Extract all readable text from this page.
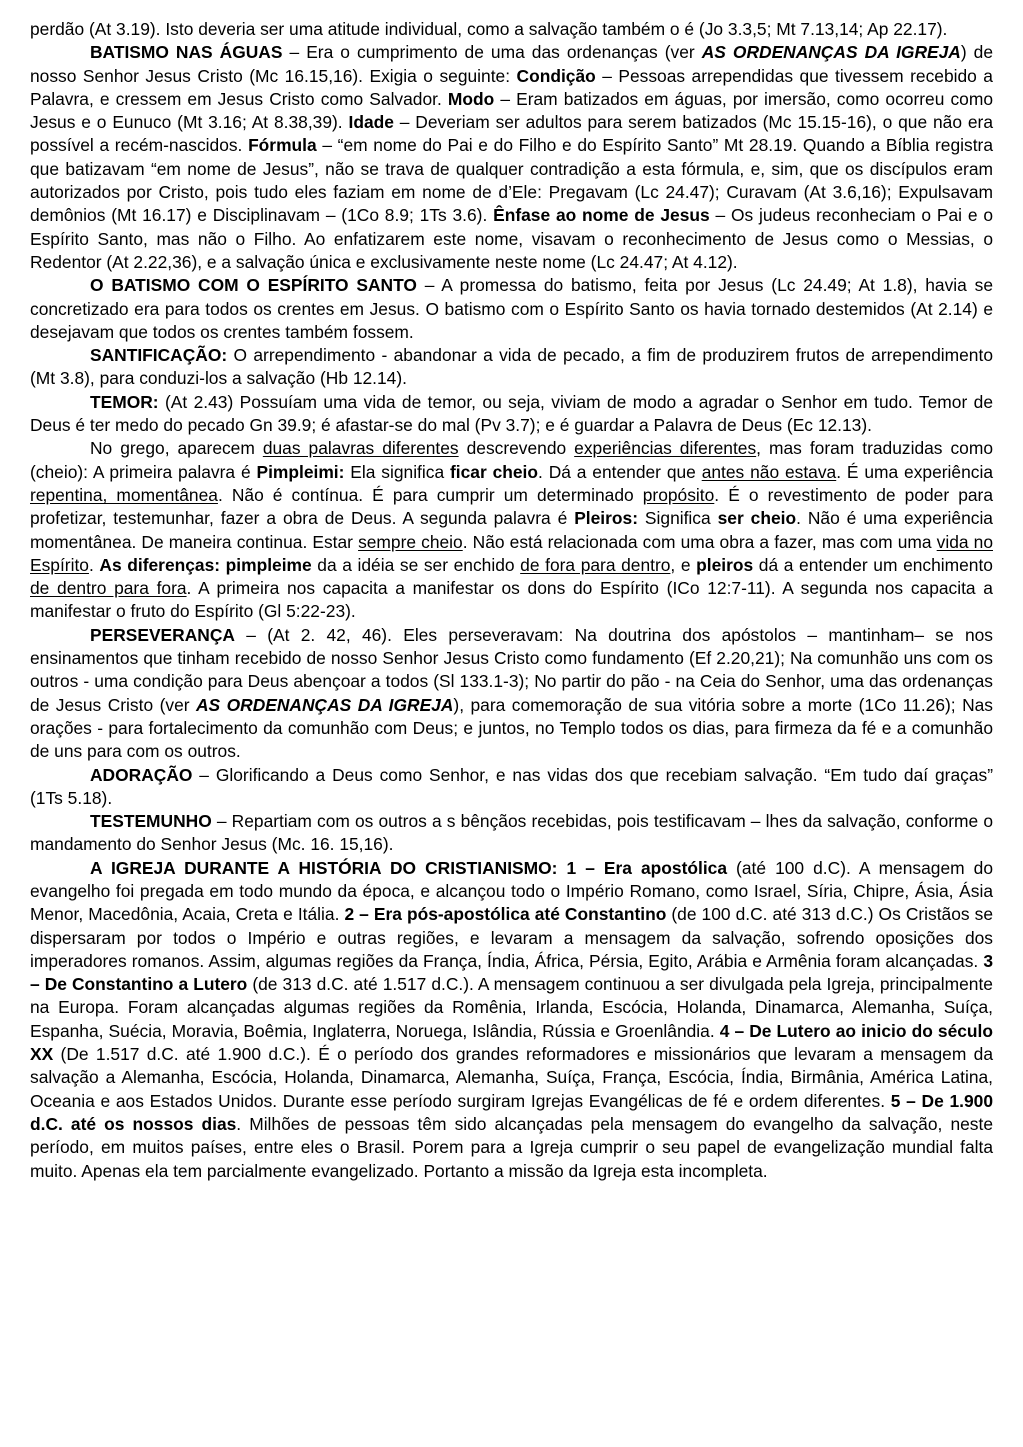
perdão (At 3.19). Isto deveria ser uma atitude individual, como a salvação também o é (Jo 3.3,5; Mt 7.13,14; Ap 22.17).

BATISMO NAS ÁGUAS – Era o cumprimento de uma das ordenanças (ver AS ORDENANÇAS DA IGREJA) de nosso Senhor Jesus Cristo (Mc 16.15,16). Exigia o seguinte: Condição – Pessoas arrependidas que tivessem recebido a Palavra, e cressem em Jesus Cristo como Salvador. Modo – Eram batizados em águas, por imersão, como ocorreu como Jesus e o Eunuco (Mt 3.16; At 8.38,39). Idade – Deveriam ser adultos para serem batizados (Mc 15.15-16), o que não era possível a recém-nascidos. Fórmula – “em nome do Pai e do Filho e do Espírito Santo” Mt 28.19. Quando a Bíblia registra que batizavam “em nome de Jesus”, não se trava de qualquer contradição a esta fórmula, e, sim, que os discípulos eram autorizados por Cristo, pois tudo eles faziam em nome de d’Ele: Pregavam (Lc 24.47); Curavam (At 3.6,16); Expulsavam demônios (Mt 16.17) e Disciplinavam – (1Co 8.9; 1Ts 3.6). Ênfase ao nome de Jesus – Os judeus reconheciam o Pai e o Espírito Santo, mas não o Filho. Ao enfatizarem este nome, visavam o reconhecimento de Jesus como o Messias, o Redentor (At 2.22,36), e a salvação única e exclusivamente neste nome (Lc 24.47; At 4.12).

O BATISMO COM O ESPÍRITO SANTO – A promessa do batismo, feita por Jesus (Lc 24.49; At 1.8), havia se concretizado era para todos os crentes em Jesus. O batismo com o Espírito Santo os havia tornado destemidos (At 2.14) e desejavam que todos os crentes também fossem.

SANTIFICAÇÃO: O arrependimento - abandonar a vida de pecado, a fim de produzirem frutos de arrependimento (Mt 3.8), para conduzi-los a salvação (Hb 12.14).

TEMOR: (At 2.43) Possuíam uma vida de temor, ou seja, viviam de modo a agradar o Senhor em tudo. Temor de Deus é ter medo do pecado Gn 39.9; é afastar-se do mal (Pv 3.7); e é guardar a Palavra de Deus (Ec 12.13).

No grego, aparecem duas palavras diferentes descrevendo experiências diferentes, mas foram traduzidas como (cheio): A primeira palavra é Pimpleimi: Ela significa ficar cheio. Dá a entender que antes não estava. É uma experiência repentina, momentânea. Não é contínua. É para cumprir um determinado propósito. É o revestimento de poder para profetizar, testemunhar, fazer a obra de Deus. A segunda palavra é Pleiros: Significa ser cheio. Não é uma experiência momentânea. De maneira continua. Estar sempre cheio. Não está relacionada com uma obra a fazer, mas com uma vida no Espírito. As diferenças: pimpleime da a idéia se ser enchido de fora para dentro, e pleiros dá a entender um enchimento de dentro para fora. A primeira nos capacita a manifestar os dons do Espírito (ICo 12:7-11). A segunda nos capacita a manifestar o fruto do Espírito (Gl 5:22-23).

PERSEVERANÇA – (At 2. 42, 46). Eles perseveravam: Na doutrina dos apóstolos – mantinham– se nos ensinamentos que tinham recebido de nosso Senhor Jesus Cristo como fundamento (Ef 2.20,21); Na comunhão uns com os outros - uma condição para Deus abençoar a todos (Sl 133.1-3); No partir do pão - na Ceia do Senhor, uma das ordenanças de Jesus Cristo (ver AS ORDENANÇAS DA IGREJA), para comemoração de sua vitória sobre a morte (1Co 11.26); Nas orações - para fortalecimento da comunhão com Deus; e juntos, no Templo todos os dias, para firmeza da fé e a comunhão de uns para com os outros.

ADORAÇÃO – Glorificando a Deus como Senhor, e nas vidas dos que recebiam salvação. “Em tudo daí graças” (1Ts 5.18).

TESTEMUNHO – Repartiam com os outros a s bênçãos recebidas, pois testificavam – lhes da salvação, conforme o mandamento do Senhor Jesus (Mc. 16. 15,16).

A IGREJA DURANTE A HISTÓRIA DO CRISTIANISMO: 1 – Era apostólica (até 100 d.C). A mensagem do evangelho foi pregada em todo mundo da época, e alcançou todo o Império Romano, como Israel, Síria, Chipre, Ásia, Ásia Menor, Macedônia, Acaia, Creta e Itália. 2 – Era pós-apostólica até Constantino (de 100 d.C. até 313 d.C.) Os Cristãos se dispersaram por todos o Império e outras regiões, e levaram a mensagem da salvação, sofrendo oposições dos imperadores romanos. Assim, algumas regiões da França, Índia, África, Pérsia, Egito, Arábia e Armênia foram alcançadas. 3 – De Constantino a Lutero (de 313 d.C. até 1.517 d.C.). A mensagem continuou a ser divulgada pela Igreja, principalmente na Europa. Foram alcançadas algumas regiões da Romênia, Irlanda, Escócia, Holanda, Dinamarca, Alemanha, Suíça, Espanha, Suécia, Moravia, Boêmia, Inglaterra, Noruega, Islândia, Rússia e Groenlândia. 4 – De Lutero ao inicio do século XX (De 1.517 d.C. até 1.900 d.C.). É o período dos grandes reformadores e missionários que levaram a mensagem da salvação a Alemanha, Escócia, Holanda, Dinamarca, Alemanha, Suíça, França, Escócia, Índia, Birmânia, América Latina, Oceania e aos Estados Unidos. Durante esse período surgiram Igrejas Evangélicas de fé e ordem diferentes. 5 – De 1.900 d.C. até os nossos dias. Milhões de pessoas têm sido alcançadas pela mensagem do evangelho da salvação, neste período, em muitos países, entre eles o Brasil. Porem para a Igreja cumprir o seu papel de evangelização mundial falta muito. Apenas ela tem parcialmente evangelizado. Portanto a missão da Igreja esta incompleta.
